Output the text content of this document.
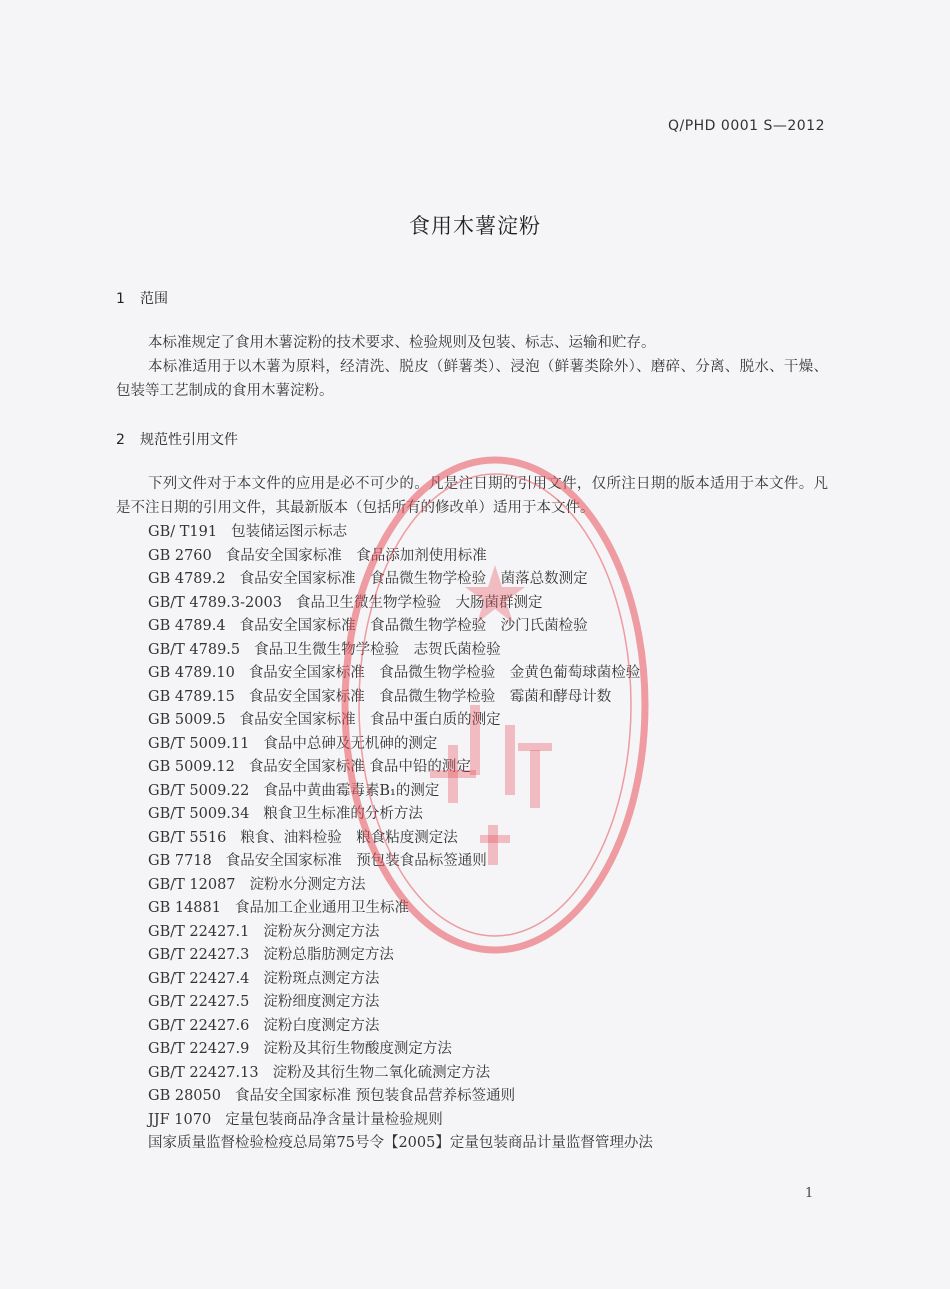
Q/PHD 0001 S—2012
食用木薯淀粉
1 范围
本标准规定了食用木薯淀粉的技术要求、检验规则及包装、标志、运输和贮存。
本标准适用于以木薯为原料，经清洗、脱皮（鲜薯类）、浸泡（鲜薯类除外）、磨碎、分离、脱水、干燥、包装等工艺制成的食用木薯淀粉。
2 规范性引用文件
下列文件对于本文件的应用是必不可少的。凡是注日期的引用文件，仅所注日期的版本适用于本文件。凡是不注日期的引用文件，其最新版本（包括所有的修改单）适用于本文件。
GB/ T191 包装储运图示标志
GB 2760 食品安全国家标准　食品添加剂使用标准
GB 4789.2 食品安全国家标准　食品微生物学检验　菌落总数测定
GB/T 4789.3-2003 食品卫生微生物学检验　大肠菌群测定
GB 4789.4 食品安全国家标准　食品微生物学检验　沙门氏菌检验
GB/T 4789.5 食品卫生微生物学检验　志贺氏菌检验
GB 4789.10 食品安全国家标准　食品微生物学检验　金黄色葡萄球菌检验
GB 4789.15 食品安全国家标准　食品微生物学检验　霉菌和酵母计数
GB 5009.5 食品安全国家标准　食品中蛋白质的测定
GB/T 5009.11 食品中总砷及无机砷的测定
GB 5009.12 食品安全国家标准 食品中铅的测定
GB/T 5009.22 食品中黄曲霉毒素B₁的测定
GB/T 5009.34 粮食卫生标准的分析方法
GB/T 5516 粮食、油料检验　粮食粘度测定法
GB 7718 食品安全国家标准　预包装食品标签通则
GB/T 12087 淀粉水分测定方法
GB 14881 食品加工企业通用卫生标准
GB/T 22427.1 淀粉灰分测定方法
GB/T 22427.3 淀粉总脂肪测定方法
GB/T 22427.4 淀粉斑点测定方法
GB/T 22427.5 淀粉细度测定方法
GB/T 22427.6 淀粉白度测定方法
GB/T 22427.9 淀粉及其衍生物酸度测定方法
GB/T 22427.13 淀粉及其衍生物二氧化硫测定方法
GB 28050 食品安全国家标准 预包装食品营养标签通则
JJF 1070 定量包装商品净含量计量检验规则
国家质量监督检验检疫总局第75号令【2005】定量包装商品计量监督管理办法
1
